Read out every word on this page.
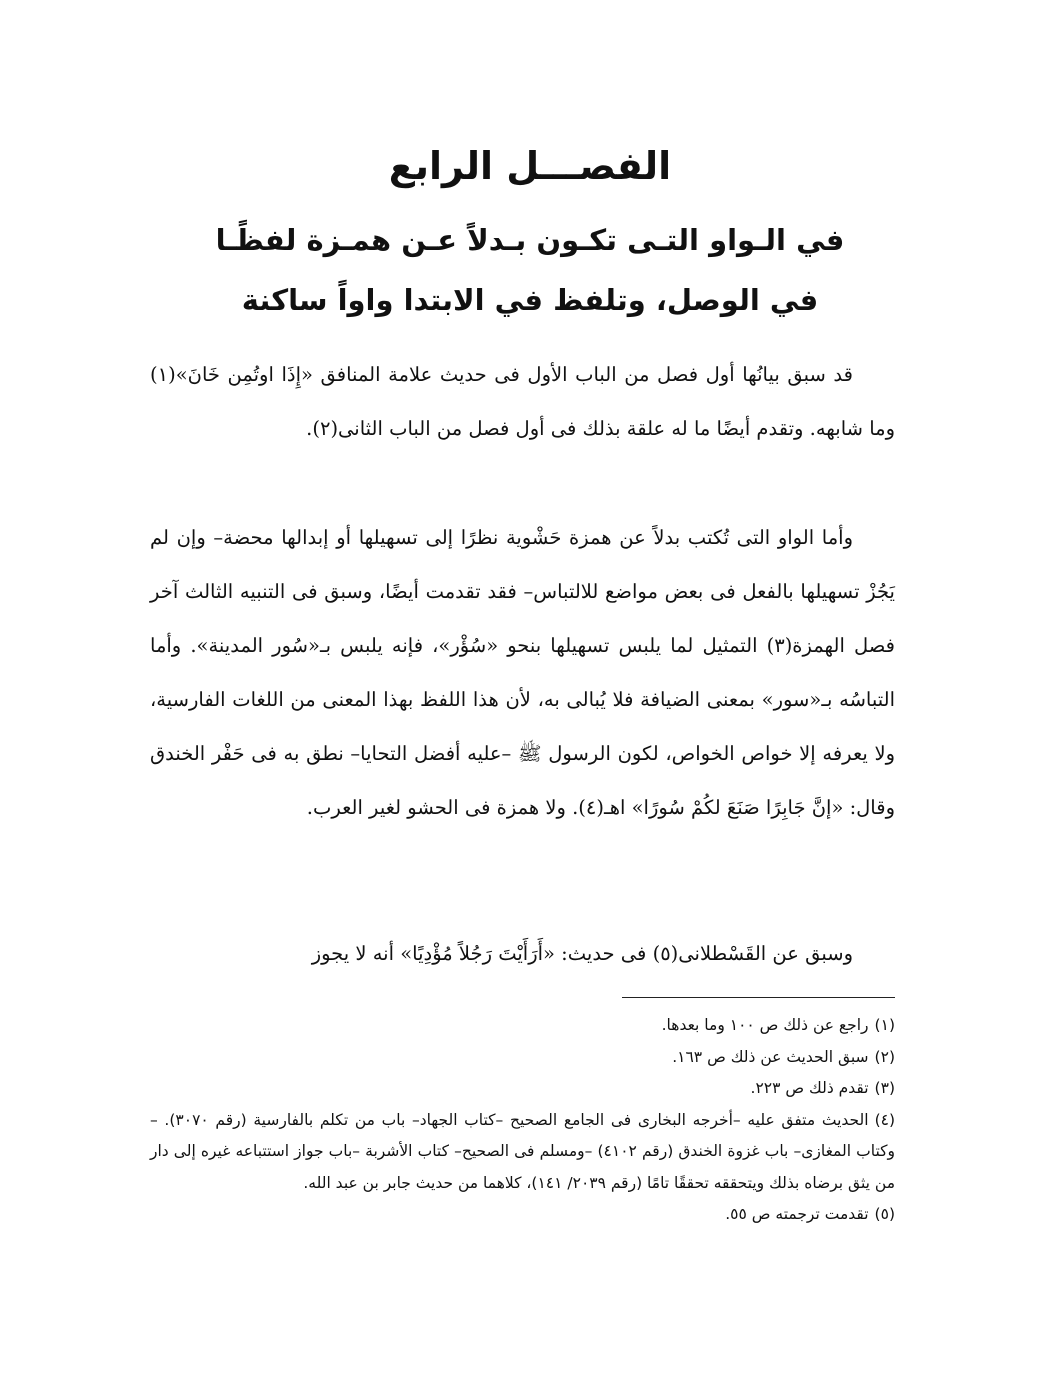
الفصـــل الرابع
في الـواو التـى تكـون بـدلاً عـن همـزة لفظًـا
في الوصل، وتلفظ في الابتدا واواً ساكنة

قد سبق بيانُها أول فصل من الباب الأول فى حديث علامة المنافق «إِذَا اوتُمِن خَانَ»(١) وما شابهه. وتقدم أيضًا ما له علقة بذلك فى أول فصل من الباب الثانى(٢).

وأما الواو التى تُكتب بدلاً عن همزة حَشْوية نظرًا إلى تسهيلها أو إبدالها محضة– وإن لم يَجُزْ تسهيلها بالفعل فى بعض مواضع للالتباس– فقد تقدمت أيضًا، وسبق فى التنبيه الثالث آخر فصل الهمزة(٣) التمثيل لما يلبس تسهيلها بنحو «سُؤْر»، فإنه يلبس بـ«سُور المدينة». وأما التباسُه بـ«سور» بمعنى الضيافة فلا يُبالى به، لأن هذا اللفظ بهذا المعنى من اللغات الفارسية، ولا يعرفه إلا خواص الخواص، لكون الرسول ﷺ –عليه أفضل التحايا– نطق به فى حَفْر الخندق وقال: «إنَّ جَابِرًا صَنَعَ لكُمْ سُورًا» اهـ(٤). ولا همزة فى الحشو لغير العرب.

وسبق عن القَسْطلانى(٥) فى حديث: «أَرَأَيْتَ رَجُلاً مُؤْدِيًا» أنه لا يجوز

(١)راجع عن ذلك ص ١٠٠ وما بعدها.

(٢)سبق الحديث عن ذلك ص ١٦٣.

(٣)تقدم ذلك ص ٢٢٣.

(٤)الحديث متفق عليه –أخرجه البخارى فى الجامع الصحيح –كتاب الجهاد– باب من تكلم بالفارسية (رقم ٣٠٧٠). –وكتاب المغازى– باب غزوة الخندق (رقم ٤١٠٢) –ومسلم فى الصحيح– كتاب الأشربة –باب جواز استتباعه غيره إلى دار من يثق برضاه بذلك ويتحققه تحققًا تامًا (رقم ٢٠٣٩/ ١٤١)، كلاهما من حديث جابر بن عبد الله.

(٥)تقدمت ترجمته ص ٥٥.
